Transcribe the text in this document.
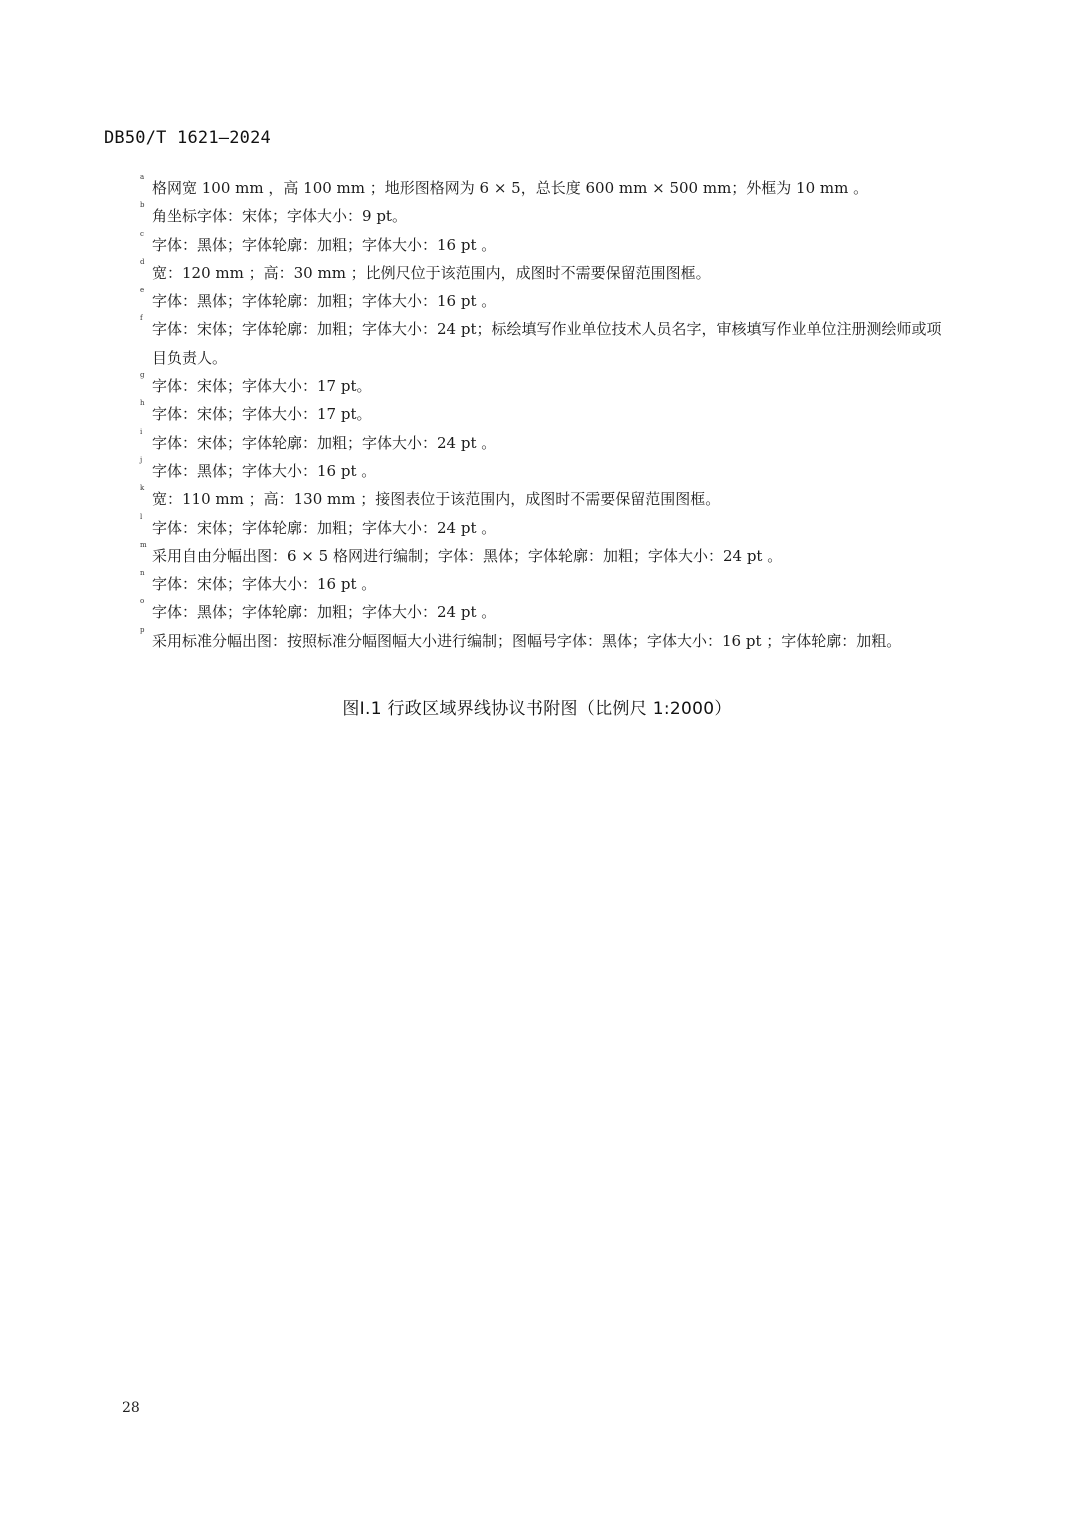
DB50/T 1621—2024
a
格网宽 100 mm ，高 100 mm ；地形图格网为 6 × 5，总长度 600 mm × 500 mm；外框为 10 mm 。
b
角坐标字体：宋体；字体大小：9 pt。
c
字体：黑体；字体轮廓：加粗；字体大小：16 pt 。
d
宽：120 mm ；高：30 mm ；比例尺位于该范围内，成图时不需要保留范围图框。
e
字体：黑体；字体轮廓：加粗；字体大小：16 pt 。
f
字体：宋体；字体轮廓：加粗；字体大小：24 pt；标绘填写作业单位技术人员名字，审核填写作业单位注册测绘师或项目负责人。
g
字体：宋体；字体大小：17 pt。
h
字体：宋体；字体大小：17 pt。
i
字体：宋体；字体轮廓：加粗；字体大小：24 pt 。
j
字体：黑体；字体大小：16 pt 。
k
宽：110 mm ；高：130 mm ；接图表位于该范围内，成图时不需要保留范围图框。
l
字体：宋体；字体轮廓：加粗；字体大小：24 pt 。
m
采用自由分幅出图：6 × 5 格网进行编制；字体：黑体；字体轮廓：加粗；字体大小：24 pt 。
n
字体：宋体；字体大小：16 pt 。
o
字体：黑体；字体轮廓：加粗；字体大小：24 pt 。
p
采用标准分幅出图：按照标准分幅图幅大小进行编制；图幅号字体：黑体；字体大小：16 pt ；字体轮廓：加粗。
图I.1 行政区域界线协议书附图（比例尺 1:2000）
28
